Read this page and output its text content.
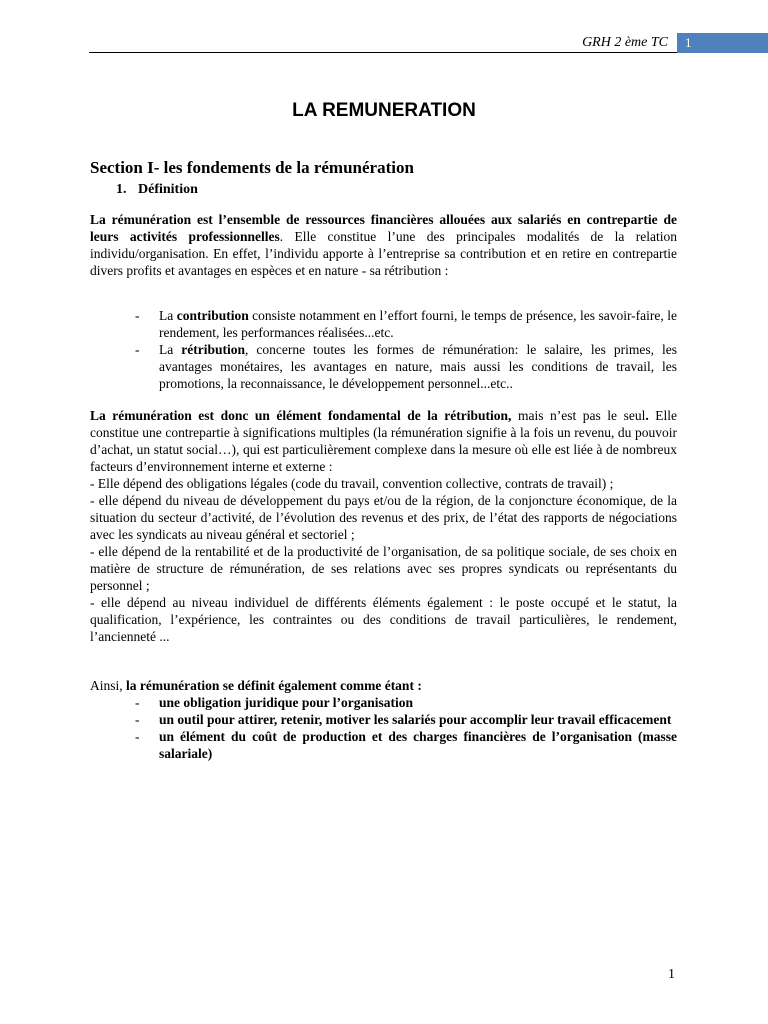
GRH 2 ème TC	1
LA REMUNERATION
Section I- les fondements de la rémunération
1. Définition

La rémunération est l’ensemble de ressources financières allouées aux salariés en contrepartie de leurs activités professionnelles. Elle constitue l’une des principales modalités de la relation individu/organisation. En effet, l’individu apporte à l’entreprise sa contribution et en retire en contrepartie divers profits et avantages en espèces et en nature - sa rétribution :

- La contribution consiste notamment en l’effort fourni, le temps de présence, les savoir-faire, le rendement, les performances réalisées...etc.
- La rétribution, concerne toutes les formes de rémunération: le salaire, les primes, les avantages monétaires, les avantages en nature, mais aussi les conditions de travail, les promotions, la reconnaissance, le développement personnel...etc..

La rémunération est donc un élément fondamental de la rétribution, mais n’est pas le seul. Elle constitue une contrepartie à significations multiples (la rémunération signifie à la fois un revenu, du pouvoir d’achat, un statut social…), qui est particulièrement complexe dans la mesure où elle est liée à de nombreux facteurs d’environnement interne et externe :
- Elle dépend des obligations légales (code du travail, convention collective, contrats de travail) ;
- elle dépend du niveau de développement du pays et/ou de la région, de la conjoncture économique, de la situation du secteur d’activité, de l’évolution des revenus et des prix, de l’état des rapports de négociations avec les syndicats au niveau général et sectoriel ;
- elle dépend de la rentabilité et de la productivité de l’organisation, de sa politique sociale, de ses choix en matière de structure de rémunération, de ses relations avec ses propres syndicats ou représentants du personnel ;
- elle dépend au niveau individuel de différents éléments également : le poste occupé et le statut, la qualification, l’expérience, les contraintes ou des conditions de travail particulières, le rendement, l’ancienneté ...

Ainsi, la rémunération se définit également comme étant :

- une obligation juridique pour l’organisation
- un outil pour attirer, retenir, motiver les salariés pour accomplir leur travail efficacement
- un élément du coût de production et des charges financières de l’organisation (masse salariale)
1
